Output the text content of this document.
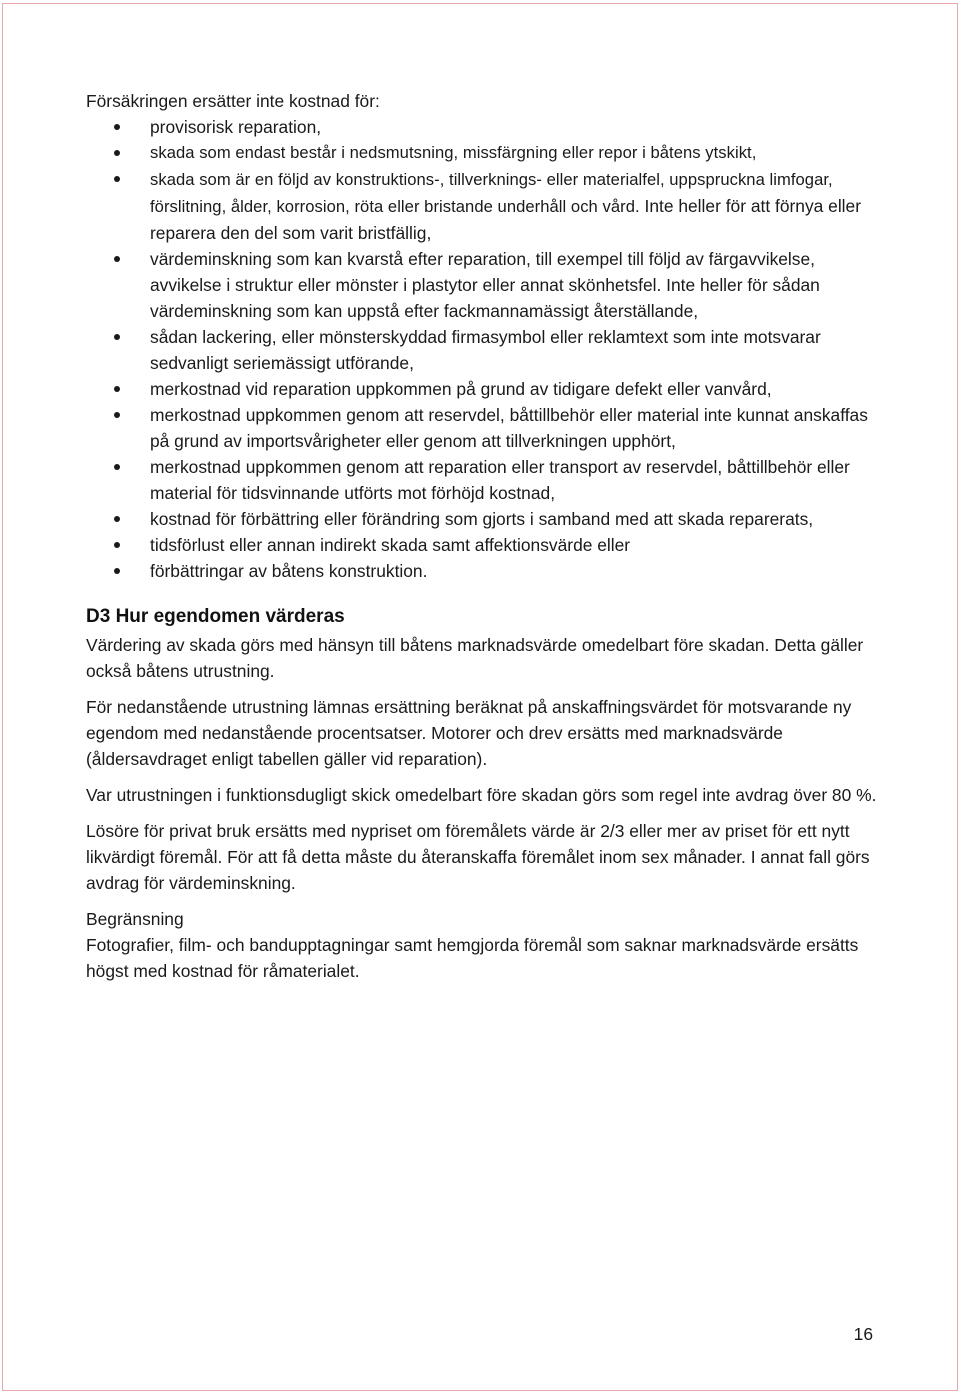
Försäkringen ersätter inte kostnad för:

provisorisk reparation,
skada som endast består i nedsmutsning, missfärgning eller repor i båtens ytskikt,
skada som är en följd av konstruktions-, tillverknings- eller materialfel, uppspruckna limfogar, förslitning, ålder, korrosion, röta eller bristande underhåll och vård. Inte heller för att förnya eller reparera den del som varit bristfällig,
värdeminskning som kan kvarstå efter reparation, till exempel till följd av färgavvikelse, avvikelse i struktur eller mönster i plastytor eller annat skönhetsfel. Inte heller för sådan värdeminskning som kan uppstå efter fackmannamässigt återställande,
sådan lackering, eller mönsterskyddad firmasymbol eller reklamtext som inte motsvarar sedvanligt seriemässigt utförande,
merkostnad vid reparation uppkommen på grund av tidigare defekt eller vanvård,
merkostnad uppkommen genom att reservdel, båttillbehör eller material inte kunnat anskaffas på grund av importsvårigheter eller genom att tillverkningen upphört,
merkostnad uppkommen genom att reparation eller transport av reservdel, båttillbehör eller material för tidsvinnande utförts mot förhöjd kostnad,
kostnad för förbättring eller förändring som gjorts i samband med att skada reparerats,
tidsförlust eller annan indirekt skada samt affektionsvärde eller
förbättringar av båtens konstruktion.
D3 Hur egendomen värderas

Värdering av skada görs med hänsyn till båtens marknadsvärde omedelbart före skadan. Detta gäller också båtens utrustning.

För nedanstående utrustning lämnas ersättning beräknat på anskaffningsvärdet för motsvarande ny egendom med nedanstående procentsatser. Motorer och drev ersätts med marknadsvärde (åldersavdraget enligt tabellen gäller vid reparation).

Var utrustningen i funktionsdugligt skick omedelbart före skadan görs som regel inte avdrag över 80 %.

Lösöre för privat bruk ersätts med nypriset om föremålets värde är 2/3 eller mer av priset för ett nytt likvärdigt föremål. För att få detta måste du återanskaffa föremålet inom sex månader. I annat fall görs avdrag för värdeminskning.

Begränsning

Fotografier, film- och bandupptagningar samt hemgjorda föremål som saknar marknadsvärde ersätts högst med kostnad för råmaterialet.

16
